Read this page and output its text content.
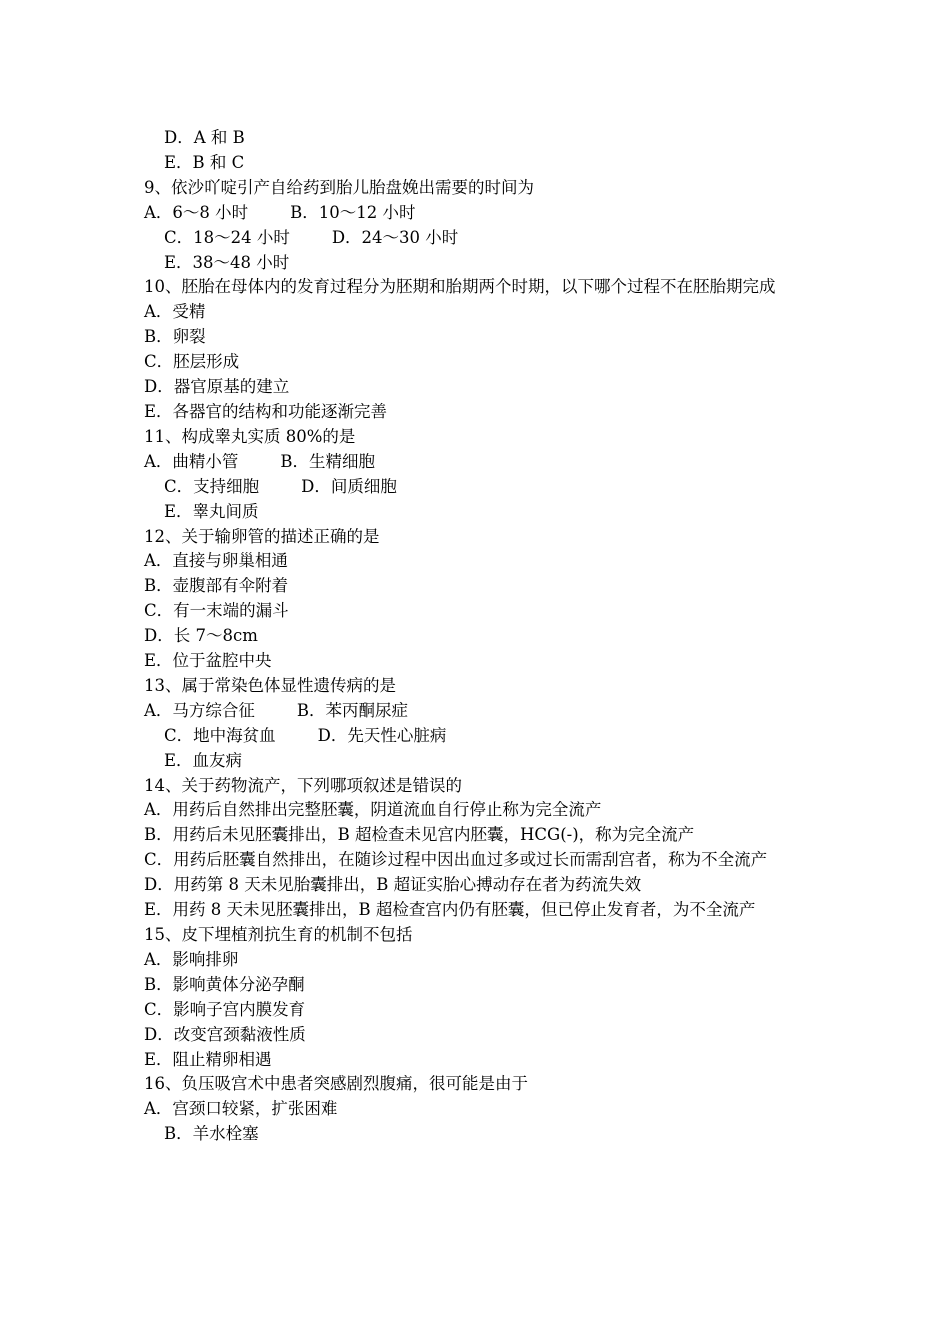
D．A 和 B

E．B 和 C

9、依沙吖啶引产自给药到胎儿胎盘娩出需要的时间为

A．6～8 小时        B．10～12 小时

C．18～24 小时        D．24～30 小时

E．38～48 小时

10、胚胎在母体内的发育过程分为胚期和胎期两个时期，以下哪个过程不在胚胎期完成

A．受精

B．卵裂

C．胚层形成

D．器官原基的建立

E．各器官的结构和功能逐渐完善

11、构成睾丸实质 80%的是

A．曲精小管        B．生精细胞

C．支持细胞        D．间质细胞

E．睾丸间质

12、关于输卵管的描述正确的是

A．直接与卵巢相通

B．壶腹部有伞附着

C．有一末端的漏斗

D．长 7～8cm

E．位于盆腔中央

13、属于常染色体显性遗传病的是

A．马方综合征        B．苯丙酮尿症

C．地中海贫血        D．先天性心脏病

E．血友病

14、关于药物流产，下列哪项叙述是错误的

A．用药后自然排出完整胚囊，阴道流血自行停止称为完全流产

B．用药后未见胚囊排出，B 超检查未见宫内胚囊，HCG(-)，称为完全流产

C．用药后胚囊自然排出，在随诊过程中因出血过多或过长而需刮宫者，称为不全流产

D．用药第 8 天未见胎囊排出，B 超证实胎心搏动存在者为药流失效

E．用药 8 天未见胚囊排出，B 超检查宫内仍有胚囊，但已停止发育者，为不全流产

15、皮下埋植剂抗生育的机制不包括

A．影响排卵

B．影响黄体分泌孕酮

C．影响子宫内膜发育

D．改变宫颈黏液性质

E．阻止精卵相遇

16、负压吸宫术中患者突感剧烈腹痛，很可能是由于

A．宫颈口较紧，扩张困难

B．羊水栓塞
